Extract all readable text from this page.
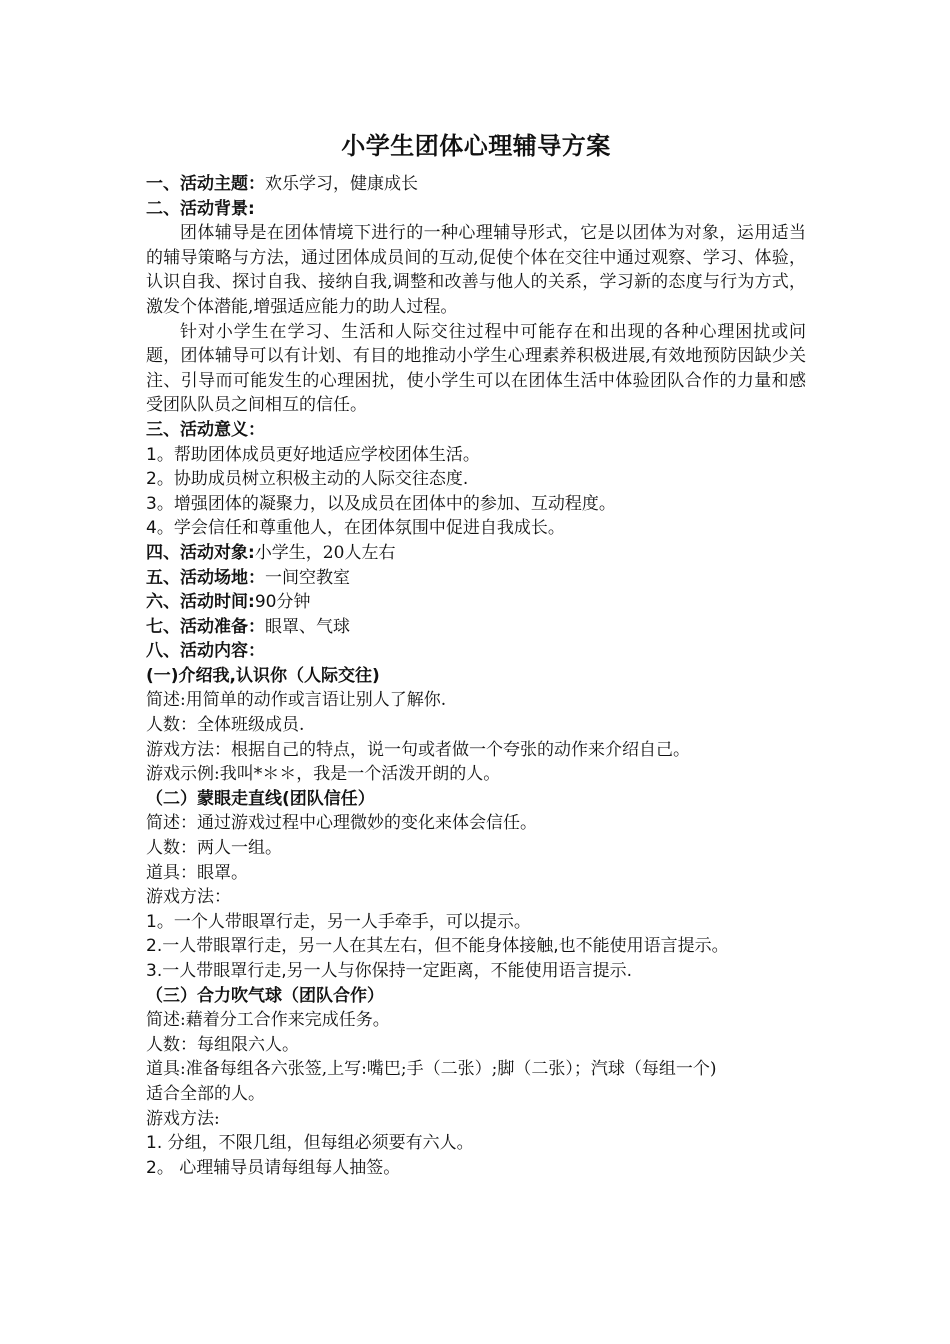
小学生团体心理辅导方案
一、活动主题：欢乐学习，健康成长
二、活动背景:

团体辅导是在团体情境下进行的一种心理辅导形式，它是以团体为对象，运用适当的辅导策略与方法，通过团体成员间的互动,促使个体在交往中通过观察、学习、体验，认识自我、探讨自我、接纳自我,调整和改善与他人的关系，学习新的态度与行为方式，激发个体潜能,增强适应能力的助人过程。

针对小学生在学习、生活和人际交往过程中可能存在和出现的各种心理困扰或问题，团体辅导可以有计划、有目的地推动小学生心理素养积极进展,有效地预防因缺少关注、引导而可能发生的心理困扰，使小学生可以在团体生活中体验团队合作的力量和感受团队队员之间相互的信任。

三、活动意义：
1。帮助团体成员更好地适应学校团体生活。
2。协助成员树立积极主动的人际交往态度.
3。增强团体的凝聚力，以及成员在团体中的参加、互动程度。
4。学会信任和尊重他人，在团体氛围中促进自我成长。
四、活动对象:小学生，20人左右
五、活动场地：一间空教室
六、活动时间:90分钟
七、活动准备：眼罩、气球
八、活动内容：
(一)介绍我,认识你（人际交往)
简述:用简单的动作或言语让别人了解你.
人数：全体班级成员.
游戏方法：根据自己的特点，说一句或者做一个夸张的动作来介绍自己。
游戏示例:我叫*＊＊，我是一个活泼开朗的人。
（二）蒙眼走直线(团队信任）
简述：通过游戏过程中心理微妙的变化来体会信任。
人数：两人一组。
道具：眼罩。
游戏方法：
1。一个人带眼罩行走，另一人手牵手，可以提示。
2.一人带眼罩行走，另一人在其左右，但不能身体接触,也不能使用语言提示。
3.一人带眼罩行走,另一人与你保持一定距离，不能使用语言提示.
（三）合力吹气球（团队合作）
简述:藉着分工合作来完成任务。
人数：每组限六人。
道具:准备每组各六张签,上写:嘴巴;手（二张）;脚（二张）；汽球（每组一个)
适合全部的人。
游戏方法:
1. 分组，不限几组，但每组必须要有六人。
2。 心理辅导员请每组每人抽签。
